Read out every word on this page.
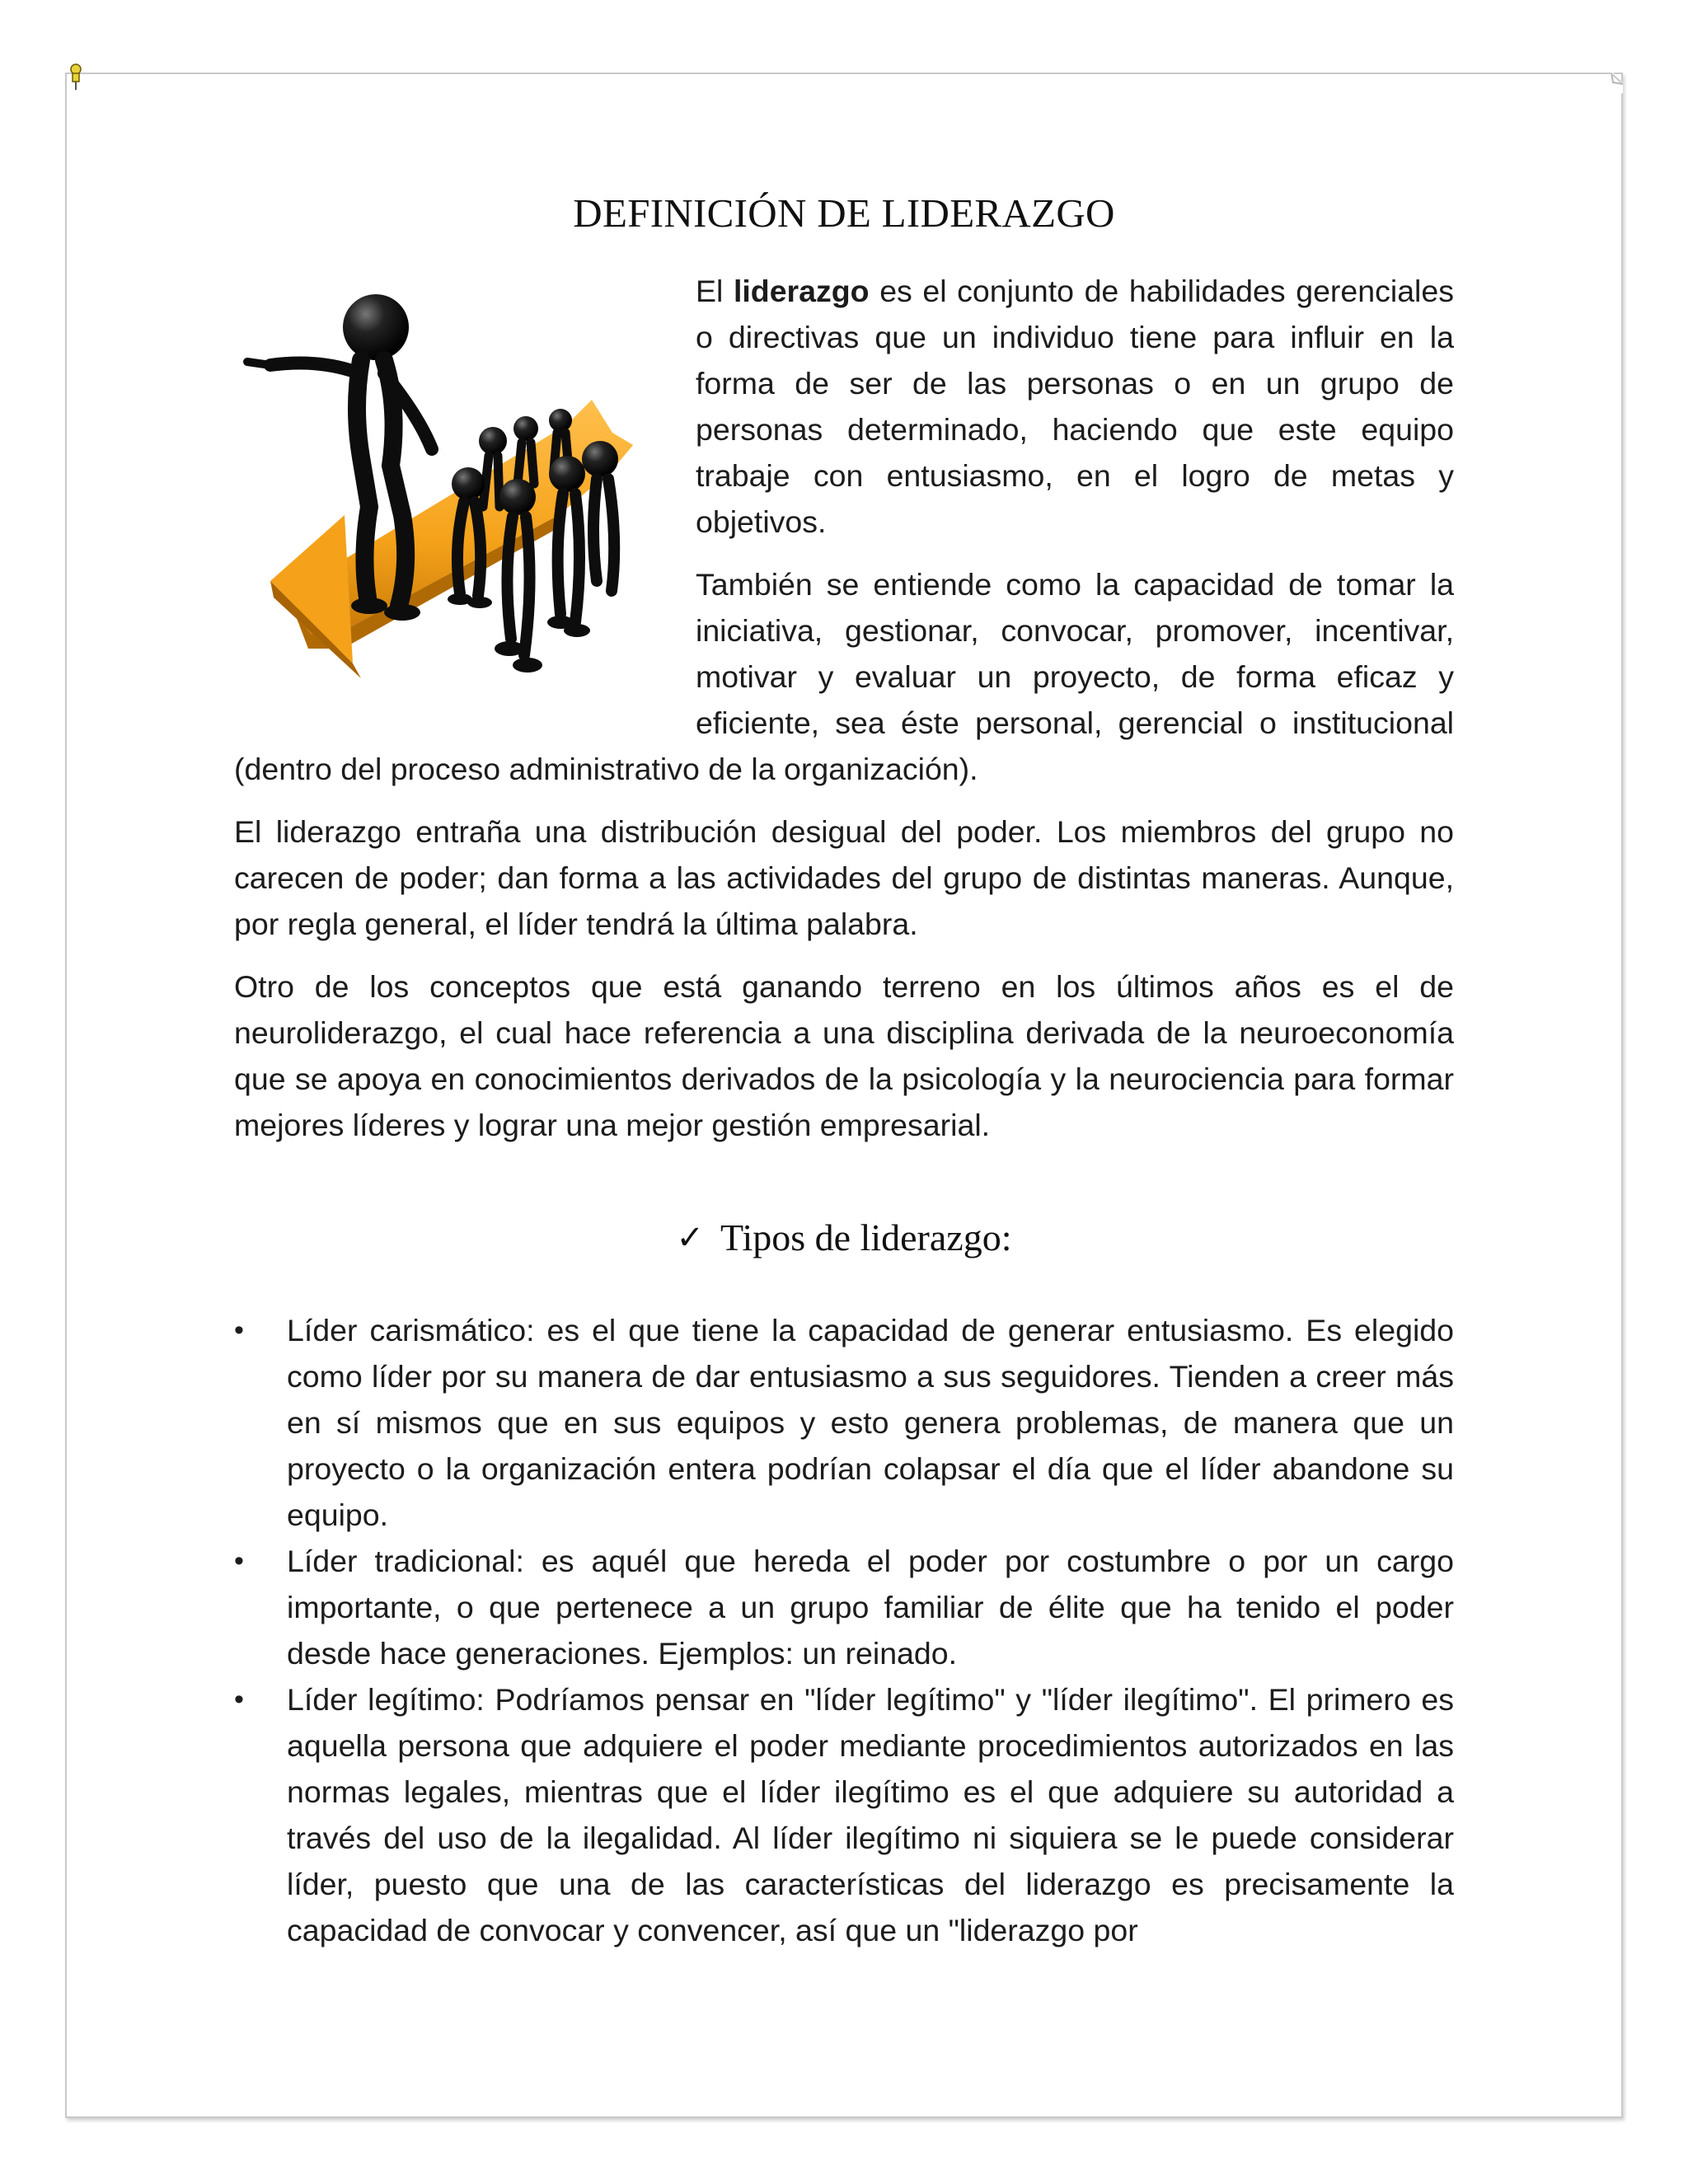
DEFINICIÓN DE LIDERAZGO

El liderazgo es el conjunto de habilidades gerenciales o directivas que un individuo tiene para influir en la forma de ser de las personas o en un grupo de personas determinado, haciendo que este equipo trabaje con entusiasmo, en el logro de metas y objetivos.

También se entiende como la capacidad de tomar la iniciativa, gestionar, convocar, promover, incentivar, motivar y evaluar un proyecto, de forma eficaz y eficiente, sea éste personal, gerencial o institucional (dentro del proceso administrativo de la organización).

El liderazgo entraña una distribución desigual del poder. Los miembros del grupo no carecen de poder; dan forma a las actividades del grupo de distintas maneras. Aunque, por regla general, el líder tendrá la última palabra.

Otro de los conceptos que está ganando terreno en los últimos años es el de neuroliderazgo, el cual hace referencia a una disciplina derivada de la neuroeconomía que se apoya en conocimientos derivados de la psicología y la neurociencia para formar mejores líderes y lograr una mejor gestión empresarial.

✓ Tipos de liderazgo:
• Líder carismático: es el que tiene la capacidad de generar entusiasmo. Es elegido como líder por su manera de dar entusiasmo a sus seguidores. Tienden a creer más en sí mismos que en sus equipos y esto genera problemas, de manera que un proyecto o la organización entera podrían colapsar el día que el líder abandone su equipo.
• Líder tradicional: es aquél que hereda el poder por costumbre o por un cargo importante, o que pertenece a un grupo familiar de élite que ha tenido el poder desde hace generaciones. Ejemplos: un reinado.
• Líder legítimo: Podríamos pensar en "líder legítimo" y "líder ilegítimo". El primero es aquella persona que adquiere el poder mediante procedimientos autorizados en las normas legales, mientras que el líder ilegítimo es el que adquiere su autoridad a través del uso de la ilegalidad. Al líder ilegítimo ni siquiera se le puede considerar líder, puesto que una de las características del liderazgo es precisamente la capacidad de convocar y convencer, así que un "liderazgo por
